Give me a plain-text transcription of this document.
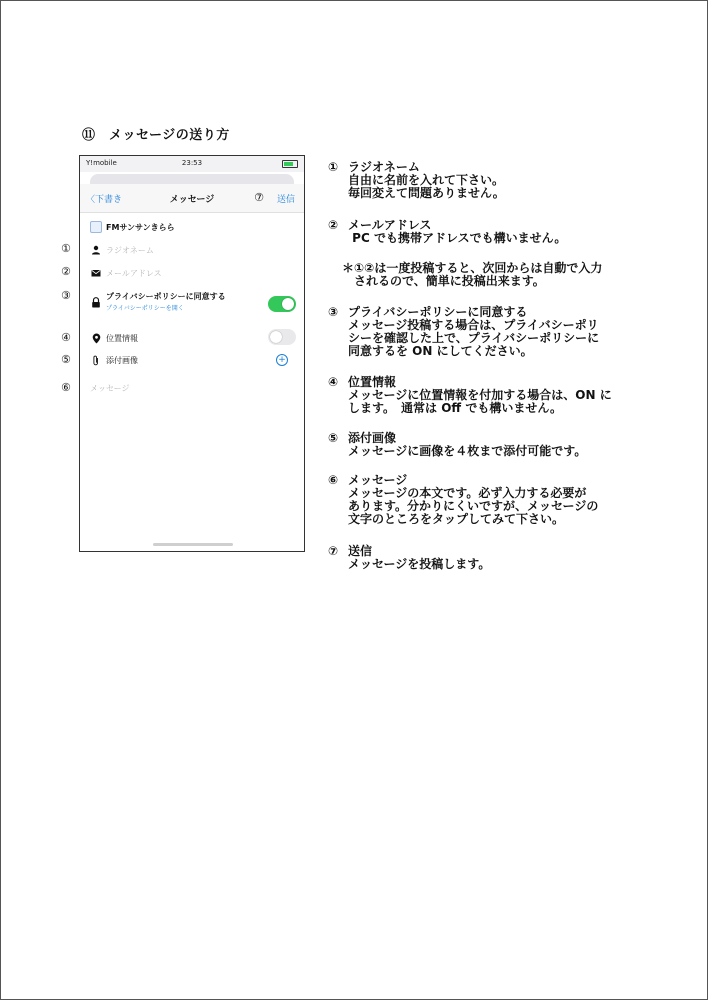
⑪　メッセージの送り方
①
②
③
④
⑤
⑥
Y!mobile	23:53
〈下書き	メッセージ	⑦ 送信
FMサンサンきらら
ラジオネーム
メールアドレス
プライバシーポリシーに同意する
プライバシーポリシーを開く
位置情報
添付画像	+
メッセージ
① ラジオネーム
自由に名前を入れて下さい。
毎回変えて問題ありません。
② メールアドレス
PC でも携帯アドレスでも構いません。
＊①②は一度投稿すると、次回からは自動で入力
　されるので、簡単に投稿出来ます。
③ プライバシーポリシーに同意する
メッセージ投稿する場合は、プライバシーポリ
シーを確認した上で、プライバシーポリシーに
同意するを ON にしてください。
④ 位置情報
メッセージに位置情報を付加する場合は、ON に
します。　通常は Off でも構いません。
⑤ 添付画像
メッセージに画像を４枚まで添付可能です。
⑥ メッセージ
メッセージの本文です。必ず入力する必要が
あります。分かりにくいですが、メッセージの
文字のところをタップしてみて下さい。
⑦ 送信
メッセージを投稿します。
